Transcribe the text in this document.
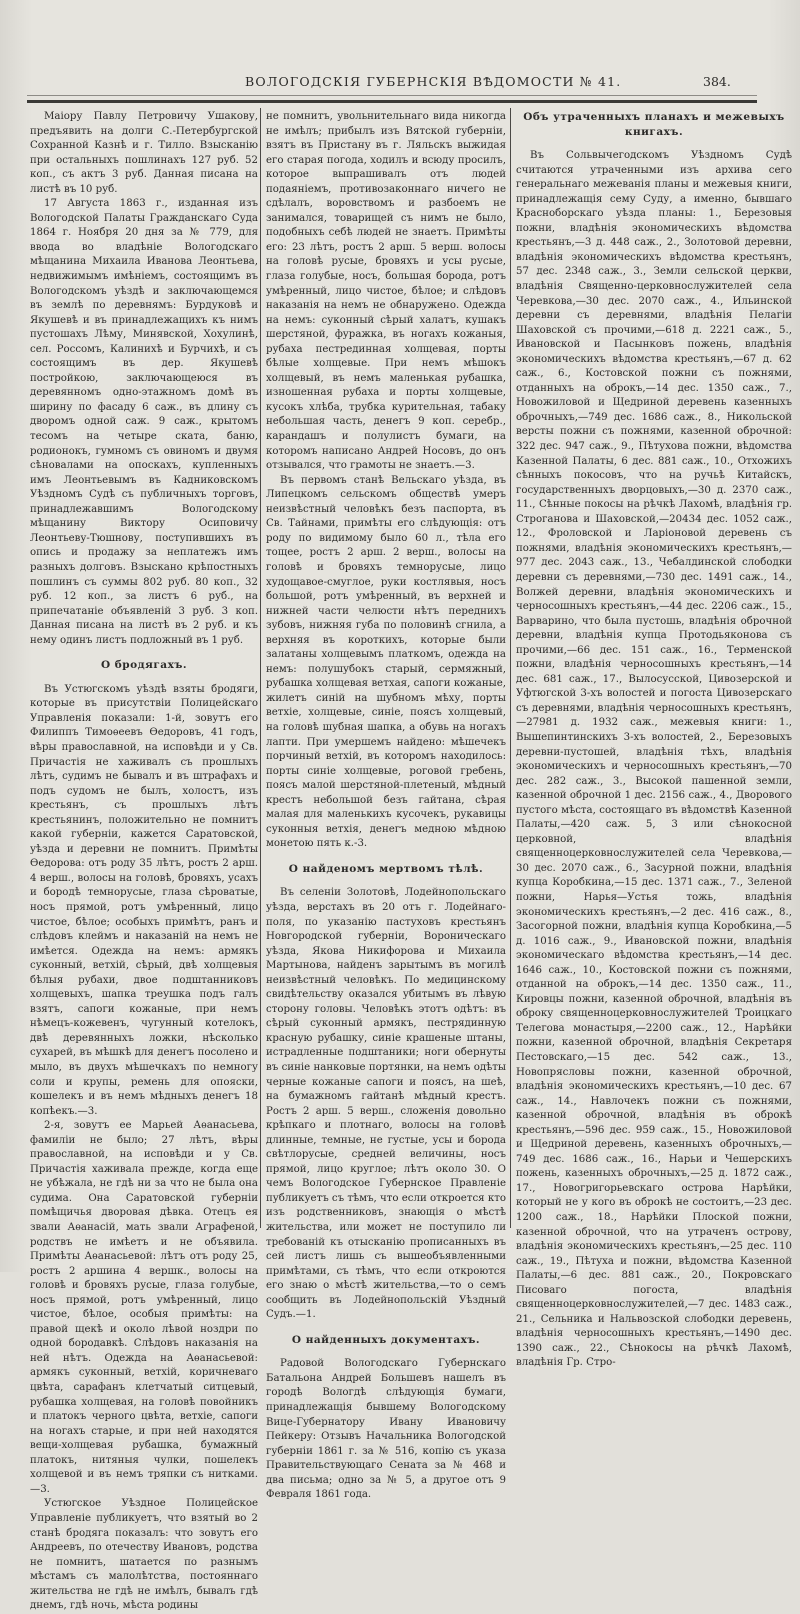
ВОЛОГОДСКІЯ ГУБЕРНСКІЯ ВѢДОМОСТИ № 41.	384.

Маіору Павлу Петровичу Ушакову, предъявить на долги С.-Петербургской Сохранной Казнѣ и г. Тилло. Взысканію при остальныхъ пошлинахъ 127 руб. 52 коп., съ актъ 3 руб. Данная писана на листѣ въ 10 руб.

17 Августа 1863 г., изданная изъ Вологодской Палаты Гражданскаго Суда 1864 г. Ноября 20 дня за № 779, для ввода во владѣніе Вологодскаго мѣщанина Михаила Иванова Леонтьева, недвижимымъ имѣніемъ, состоящимъ въ Вологодскомъ уѣздѣ и заключающемся въ землѣ по деревнямъ: Бурдуковѣ и Якушевѣ и въ принадлежащихъ къ нимъ пустошахъ Лѣму, Минявской, Хохулинѣ, сел. Россомъ, Калинихѣ и Бурчихѣ, и съ состоящимъ въ дер. Якушевѣ постройкою, заключающеюся въ деревянномъ одно-этажномъ домѣ въ ширину по фасаду 6 саж., въ длину съ дворомъ одной саж. 9 саж., крытомъ тесомъ на четыре ската, баню, родионокъ, гумномъ съ овиномъ и двумя сѣновалами на опоскахъ, купленныхъ имъ Леонтьевымъ въ Кадниковскомъ Уѣздномъ Судѣ съ публичныхъ торговъ, принадлежавшимъ Вологодскому мѣщанину Виктору Осиповичу Леонтьеву-Тюшнову, поступившихъ въ опись и продажу за неплатежъ имъ разныхъ долговъ. Взыскано крѣпостныхъ пошлинъ съ суммы 802 руб. 80 коп., 32 руб. 12 коп., за листъ 6 руб., на припечатаніе объявленій 3 руб. 3 коп. Данная писана на листѣ въ 2 руб. и къ нему одинъ листъ подложный въ 1 руб.

О бродягахъ.

Въ Устюгскомъ уѣздѣ взяты бродяги, которые въ присутствіи Полицейскаго Управленія показали: 1-й, зовутъ его Филиппъ Тимоѳеевъ Ѳедоровъ, 41 годъ, вѣры православной, на исповѣди и у Св. Причастія не хаживалъ съ прошлыхъ лѣтъ, судимъ не бывалъ и въ штрафахъ и подъ судомъ не былъ, холостъ, изъ крестьянъ, съ прошлыхъ лѣтъ крестьянинъ, положительно не помнитъ какой губерніи, кажется Саратовской, уѣзда и деревни не помнитъ. Примѣты Ѳедорова: отъ роду 35 лѣтъ, ростъ 2 арш. 4 верш., волосы на головѣ, бровяхъ, усахъ и бородѣ темнорусые, глаза сѣроватые, носъ прямой, ротъ умѣренный, лицо чистое, бѣлое; особыхъ примѣтъ, ранъ и слѣдовъ клеймъ и наказаній на немъ не имѣется. Одежда на немъ: армякъ суконный, ветхій, сѣрый, двѣ холщевыя бѣлыя рубахи, двое подштанниковъ холщевыхъ, шапка треушка подъ галъ взятъ, сапоги кожаные, при немъ нѣмецъ-кожевенъ, чугунный котелокъ, двѣ деревянныхъ ложки, нѣсколько сухарей, въ мѣшкѣ для денегъ посолено и мыло, въ двухъ мѣшечкахъ по немногу соли и крупы, ремень для опояски, кошелекъ и въ немъ мѣдныхъ денегъ 18 копѣекъ.—3.

2-я, зовутъ ее Марьей Аѳанасьева, фамиліи не было; 27 лѣтъ, вѣры православной, на исповѣди и у Св. Причастія хаживала прежде, когда еще не убѣжала, не гдѣ ни за что не была она судима. Она Саратовской губерніи помѣщичья дворовая дѣвка. Отецъ ея звали Аѳанасій, мать звали Аграфеной, родствъ не имѣетъ и не объявила. Примѣты Аѳанасьевой: лѣтъ отъ роду 25, ростъ 2 аршина 4 вершк., волосы на головѣ и бровяхъ русые, глаза голубые, носъ прямой, ротъ умѣренный, лицо чистое, бѣлое, особыя примѣты: на правой щекѣ и около лѣвой ноздри по одной бородавкѣ. Слѣдовъ наказанія на ней нѣтъ. Одежда на Аѳанасьевой: армякъ суконный, ветхій, коричневаго цвѣта, сарафанъ клетчатый ситцевый, рубашка холщевая, на головѣ повойникъ и платокъ черного цвѣта, ветхіе, сапоги на ногахъ старые, и при ней находятся вещи-холщевая рубашка, бумажный платокъ, нитяныя чулки, пошелекъ холщевой и въ немъ тряпки съ нитками.—3.

Устюгское Уѣздное Полицейское Управленіе публикуетъ, что взятый во 2 станѣ бродяга показалъ: что зовутъ его Андреевъ, по отечеству Ивановъ, родства не помнитъ, шатается по разнымъ мѣстамъ съ малолѣтства, постояннаго жительства не гдѣ не имѣлъ, бывалъ гдѣ днемъ, гдѣ ночь, мѣста родины

не помнитъ, увольнительнаго вида никогда не имѣлъ; прибылъ изъ Вятской губерніи, взятъ въ Пристану въ г. Ляльскъ выжидая его старая погода, ходилъ и всюду просилъ, которое выпрашивалъ отъ людей подаяніемъ, противозаконнаго ничего не сдѣлалъ, воровствомъ и разбоемъ не занимался, товарищей съ нимъ не было, подобныхъ себѣ людей не знаетъ. Примѣты его: 23 лѣтъ, ростъ 2 арш. 5 верш. волосы на головѣ русые, бровяхъ и усы русые, глаза голубые, носъ, большая борода, ротъ умѣренный, лицо чистое, бѣлое; и слѣдовъ наказанія на немъ не обнаружено. Одежда на немъ: суконный сѣрый халатъ, кушакъ шерстяной, фуражка, въ ногахъ кожаныя, рубаха пестрединная холщевая, порты бѣлые холщевые. При немъ мѣшокъ холщевый, въ немъ маленькая рубашка, изношенная рубаха и порты холщевые, кусокъ хлѣба, трубка курительная, табаку небольшая часть, денегъ 9 коп. серебр., карандашъ и полулистъ бумаги, на которомъ написано Андрей Носовъ, до онъ отзывался, что грамоты не знаетъ.—3.

Въ первомъ станѣ Вельскаго уѣзда, въ Липецкомъ сельскомъ обществѣ умеръ неизвѣстный человѣкъ безъ паспорта, въ Св. Тайнами, примѣты его слѣдующія: отъ роду по видимому было 60 л., тѣла его тощее, ростъ 2 арш. 2 верш., волосы на головѣ и бровяхъ темнорусые, лицо худощавое-смуглое, руки костлявыя, носъ большой, ротъ умѣренный, въ верхней и нижней части челюсти нѣтъ переднихъ зубовъ, нижняя губа по половинѣ сгнила, а верхняя въ короткихъ, которые были залатаны холщевымъ платкомъ, одежда на немъ: полушубокъ старый, сермяжный, рубашка холщевая ветхая, сапоги кожаные, жилетъ синій на шубномъ мѣху, порты ветхіе, холщевые, синіе, поясъ холщевый, на головѣ шубная шапка, а обувь на ногахъ лапти. При умершемъ найдено: мѣшечекъ порчиный ветхій, въ которомъ находилось: порты синіе холщевые, роговой гребень, поясъ малой шерстяной-плетеный, мѣдный крестъ небольшой безъ гайтана, сѣрая малая для маленькихъ кусочекъ, рукавицы суконныя ветхія, денегъ медною мѣдною монетою пять к.-3.

О найденомъ мертвомъ тѣлѣ.

Въ селеніи Золотовѣ, Лодейнопольскаго уѣзда, верстахъ въ 20 отъ г. Лодейнаго-поля, по указанію пастуховъ крестьянъ Новгородской губерніи, Вороническаго уѣзда, Якова Никифорова и Михаила Мартынова, найденъ зарытымъ въ могилѣ неизвѣстный человѣкъ. По медицинскому свидѣтельству оказался убитымъ въ лѣвую сторону головы. Человѣкъ этотъ одѣтъ: въ сѣрый суконный армякъ, пестрядинную красную рубашку, синіе крашеные штаны, истрадленные подштаники; ноги обернуты въ синіе нанковые портянки, на немъ одѣты черные кожаные сапоги и поясъ, на шеѣ, на бумажномъ гайтанѣ мѣдный крестъ. Ростъ 2 арш. 5 верш., сложенія довольно крѣпкаго и плотнаго, волосы на головѣ длинные, темные, не густые, усы и борода свѣтлорусые, средней величины, носъ прямой, лицо круглое; лѣтъ около 30. О чемъ Вологодское Губернское Правленіе публикуетъ съ тѣмъ, что если откроется кто изъ родственниковъ, знающія о мѣстѣ жительства, или может не поступило ли требованій къ отысканію прописанныхъ въ сей листъ лишь съ вышеобъявленными примѣтами, съ тѣмъ, что если откроются его знаю о мѣстѣ жительства,—то о семъ сообщить въ Лодейнопольскій Уѣздный Судъ.—1.

О найденныхъ документахъ.

Радовой Вологодскаго Губернскаго Батальона Андрей Большевъ нашелъ въ городѣ Вологдѣ слѣдующія бумаги, принадлежащія бывшему Вологодскому Вице-Губернатору Ивану Ивановичу Пейкеру: Отзывъ Начальника Вологодской губерніи 1861 г. за № 516, копію съ указа Правительствующаго Сената за № 468 и два письма; одно за № 5, а другое отъ 9 Февраля 1861 года.

Объ утраченныхъ планахъ и межевыхъ книгахъ.

Въ Сольвычегодскомъ Уѣздномъ Судѣ считаются утраченными изъ архива сего генеральнаго межеванія планы и межевыя книги, принадлежащія сему Суду, а именно, бывшаго Красноборскаго уѣзда планы: 1., Березовыя пожни, владѣнія экономическихъ вѣдомства крестьянъ,—3 д. 448 саж., 2., Золотовой деревни, владѣнія экономическихъ вѣдомства крестьянъ, 57 дес. 2348 саж., 3., Земли сельской церкви, владѣнія Священно-церковнослужителей села Черевкова,—30 дес. 2070 саж., 4., Ильинской деревни съ деревнями, владѣнія Пелагіи Шаховской съ прочими,—618 д. 2221 саж., 5., Ивановской и Пасынковъ пожень, владѣнія экономическихъ вѣдомства крестьянъ,—67 д. 62 саж., 6., Костовской пожни съ пожнями, отданныхъ на оброкъ,—14 дес. 1350 саж., 7., Новожиловой и Щедриной деревень казенныхъ оброчныхъ,—749 дес. 1686 саж., 8., Никольской версты пожни съ пожнями, казенной оброчной: 322 дес. 947 саж., 9., Пѣтухова пожни, вѣдомства Казенной Палаты, 6 дес. 881 саж., 10., Отхожихъ сѣнныхъ покосовъ, что на ручьѣ Китайскъ, государственныхъ дворцовыхъ,—30 д. 2370 саж., 11., Сѣнные покосы на рѣчкѣ Лахомѣ, владѣнія гр. Строганова и Шаховской,—20434 дес. 1052 саж., 12., Фроловской и Ларіоновой деревень съ пожнями, владѣнія экономическихъ крестьянъ,—977 дес. 2043 саж., 13., Чебалдинской слободки деревни съ деревнями,—730 дес. 1491 саж., 14., Волжей деревни, владѣнія экономическихъ и черносошныхъ крестьянъ,—44 дес. 2206 саж., 15., Варварино, что была пустошь, владѣнія оброчной деревни, владѣнія купца Протодьяконова съ прочими,—66 дес. 151 саж., 16., Терменской пожни, владѣнія черносошныхъ крестьянъ,—14 дес. 681 саж., 17., Вылосусской, Цивозерской и Уфтюгской 3-хъ волостей и погоста Цивозерскаго съ деревнями, владѣнія черносошныхъ крестьянъ,—27981 д. 1932 саж., межевыя книги: 1., Вышепинтинскихъ 3-хъ волостей, 2., Березовыхъ деревни-пустошей, владѣнія тѣхъ, владѣнія экономическихъ и черносошныхъ крестьянъ,—70 дес. 282 саж., 3., Высокой пашенной земли, казенной оброчной 1 дес. 2156 саж., 4., Дворового пустого мѣста, состоящаго въ вѣдомствѣ Казенной Палаты,—420 саж. 5, 3 или сѣнокосной церковной, владѣнія священноцерковнослужителей села Черевкова,—30 дес. 2070 саж., 6., Засурной пожни, владѣнія купца Коробкина,—15 дес. 1371 саж., 7., Зеленой пожни, Нарья—Устья тожь, владѣнія экономическихъ крестьянъ,—2 дес. 416 саж., 8., Засогорной пожни, владѣнія купца Коробкина,—5 д. 1016 саж., 9., Ивановской пожни, владѣнія экономическаго вѣдомства крестьянъ,—14 дес. 1646 саж., 10., Костовской пожни съ пожнями, отданной на оброкъ,—14 дес. 1350 саж., 11., Кировцы пожни, казенной оброчной, владѣнія въ оброку священноцерковнослужителей Троицкаго Телегова монастыря,—2200 саж., 12., Нарѣйки пожни, казенной оброчной, владѣнія Секретаря Пестовскаго,—15 дес. 542 саж., 13., Новопрясловы пожни, казенной оброчной, владѣнія экономическихъ крестьянъ,—10 дес. 67 саж., 14., Навлочекъ пожни съ пожнями, казенной оброчной, владѣнія въ оброкѣ крестьянъ,—596 дес. 959 саж., 15., Новожиловой и Щедриной деревень, казенныхъ оброчныхъ,—749 дес. 1686 саж., 16., Нарьи и Чешерскихъ пожень, казенныхъ оброчныхъ,—25 д. 1872 саж., 17., Новогригорьевскаго острова Нарѣйки, который не у кого въ оброкѣ не состоитъ,—23 дес. 1200 саж., 18., Нарѣйки Плоской пожни, казенной оброчной, что на утраченъ острову, владѣнія экономическихъ крестьянъ,—25 дес. 110 саж., 19., Пѣтуха и пожни, вѣдомства Казенной Палаты,—6 дес. 881 саж., 20., Покровскаго Писоваго погоста, владѣнія священноцерковнослужителей,—7 дес. 1483 саж., 21., Сельника и Нальвозской слободки деревень, владѣнія черносошныхъ крестьянъ,—1490 дес. 1390 саж., 22., Сѣнокосы на рѣчкѣ Лахомѣ, владѣнія Гр. Стро-
